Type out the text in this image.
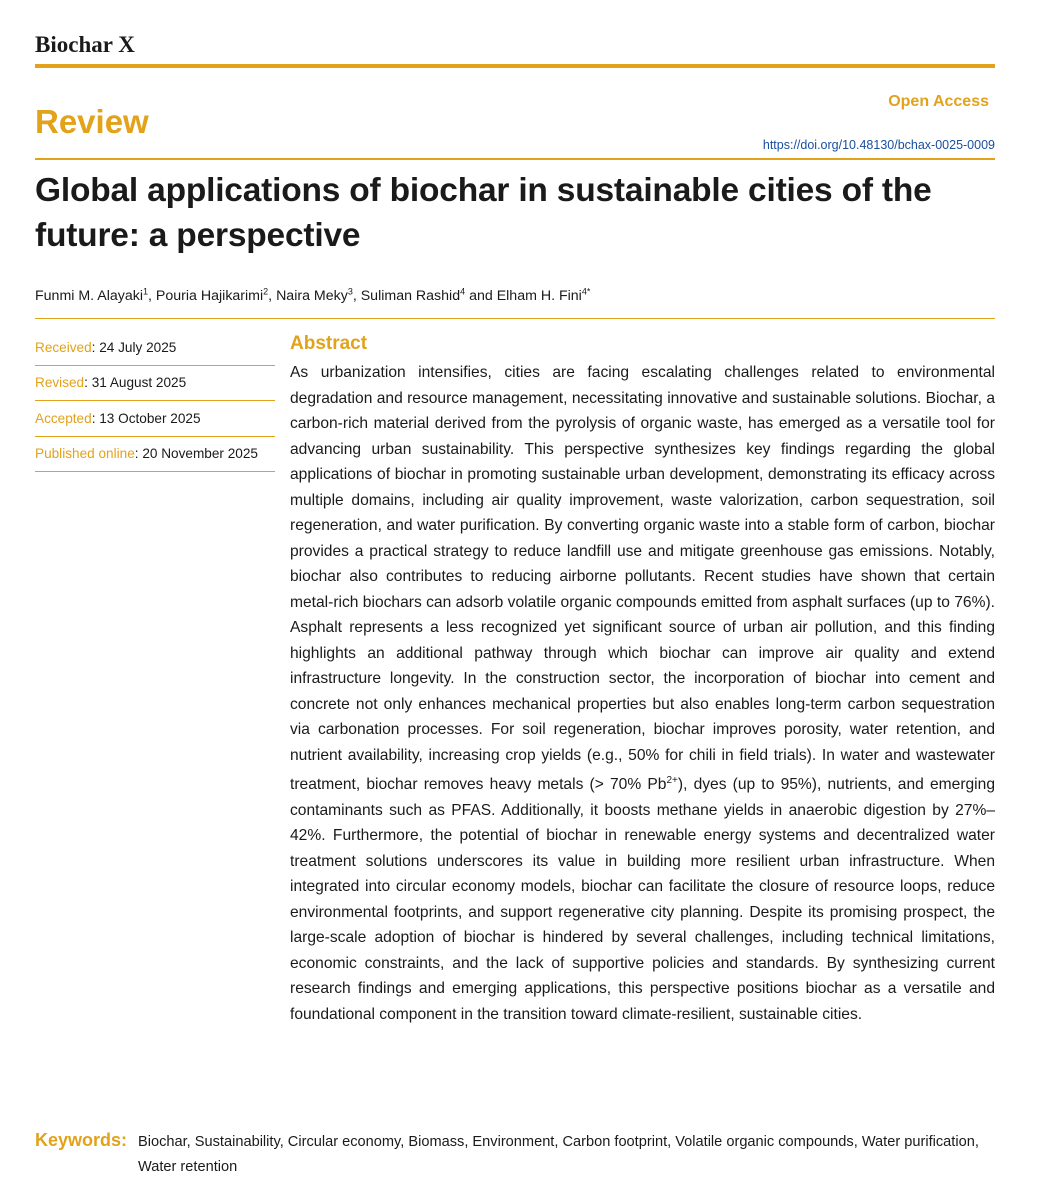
Biochar X
Open Access
Review
https://doi.org/10.48130/bchax-0025-0009
Global applications of biochar in sustainable cities of the future: a perspective
Funmi M. Alayaki$^1$, Pouria Hajikarimi$^2$, Naira Meky$^3$, Suliman Rashid$^4$ and Elham H. Fini$^{4*}$
Received : 24 July 2025
Revised : 31 August 2025
Accepted : 13 October 2025
Published online : 20 November 2025
Abstract

As urbanization intensifies, cities are facing escalating challenges related to environmental degradation and resource management, necessitating innovative and sustainable solutions. Biochar, a carbon-rich material derived from the pyrolysis of organic waste, has emerged as a versatile tool for advancing urban sustainability. This perspective synthesizes key findings regarding the global applications of biochar in promoting sustainable urban development, demonstrating its efficacy across multiple domains, including air quality improvement, waste valorization, carbon sequestration, soil regeneration, and water purification. By converting organic waste into a stable form of carbon, biochar provides a practical strategy to reduce landfill use and mitigate greenhouse gas emissions. Notably, biochar also contributes to reducing airborne pollutants. Recent studies have shown that certain metal-rich biochars can adsorb volatile organic compounds emitted from asphalt surfaces (up to 76%). Asphalt represents a less recognized yet significant source of urban air pollution, and this finding highlights an additional pathway through which biochar can improve air quality and extend infrastructure longevity. In the construction sector, the incorporation of biochar into cement and concrete not only enhances mechanical properties but also enables long-term carbon sequestration via carbonation processes. For soil regeneration, biochar improves porosity, water retention, and nutrient availability, increasing crop yields (e.g., 50% for chili in field trials). In water and wastewater treatment, biochar removes heavy metals (> 70% $Pb^{2+}$), dyes (up to 95%), nutrients, and emerging contaminants such as PFAS. Additionally, it boosts methane yields in anaerobic digestion by 27%–42%. Furthermore, the potential of biochar in renewable energy systems and decentralized water treatment solutions underscores its value in building more resilient urban infrastructure. When integrated into circular economy models, biochar can facilitate the closure of resource loops, reduce environmental footprints, and support regenerative city planning. Despite its promising prospect, the large-scale adoption of biochar is hindered by several challenges, including technical limitations, economic constraints, and the lack of supportive policies and standards. By synthesizing current research findings and emerging applications, this perspective positions biochar as a versatile and foundational component in the transition toward climate-resilient, sustainable cities.

Keywords: Biochar, Sustainability, Circular economy, Biomass, Environment, Carbon footprint, Volatile organic compounds, Water purification, Water retention
